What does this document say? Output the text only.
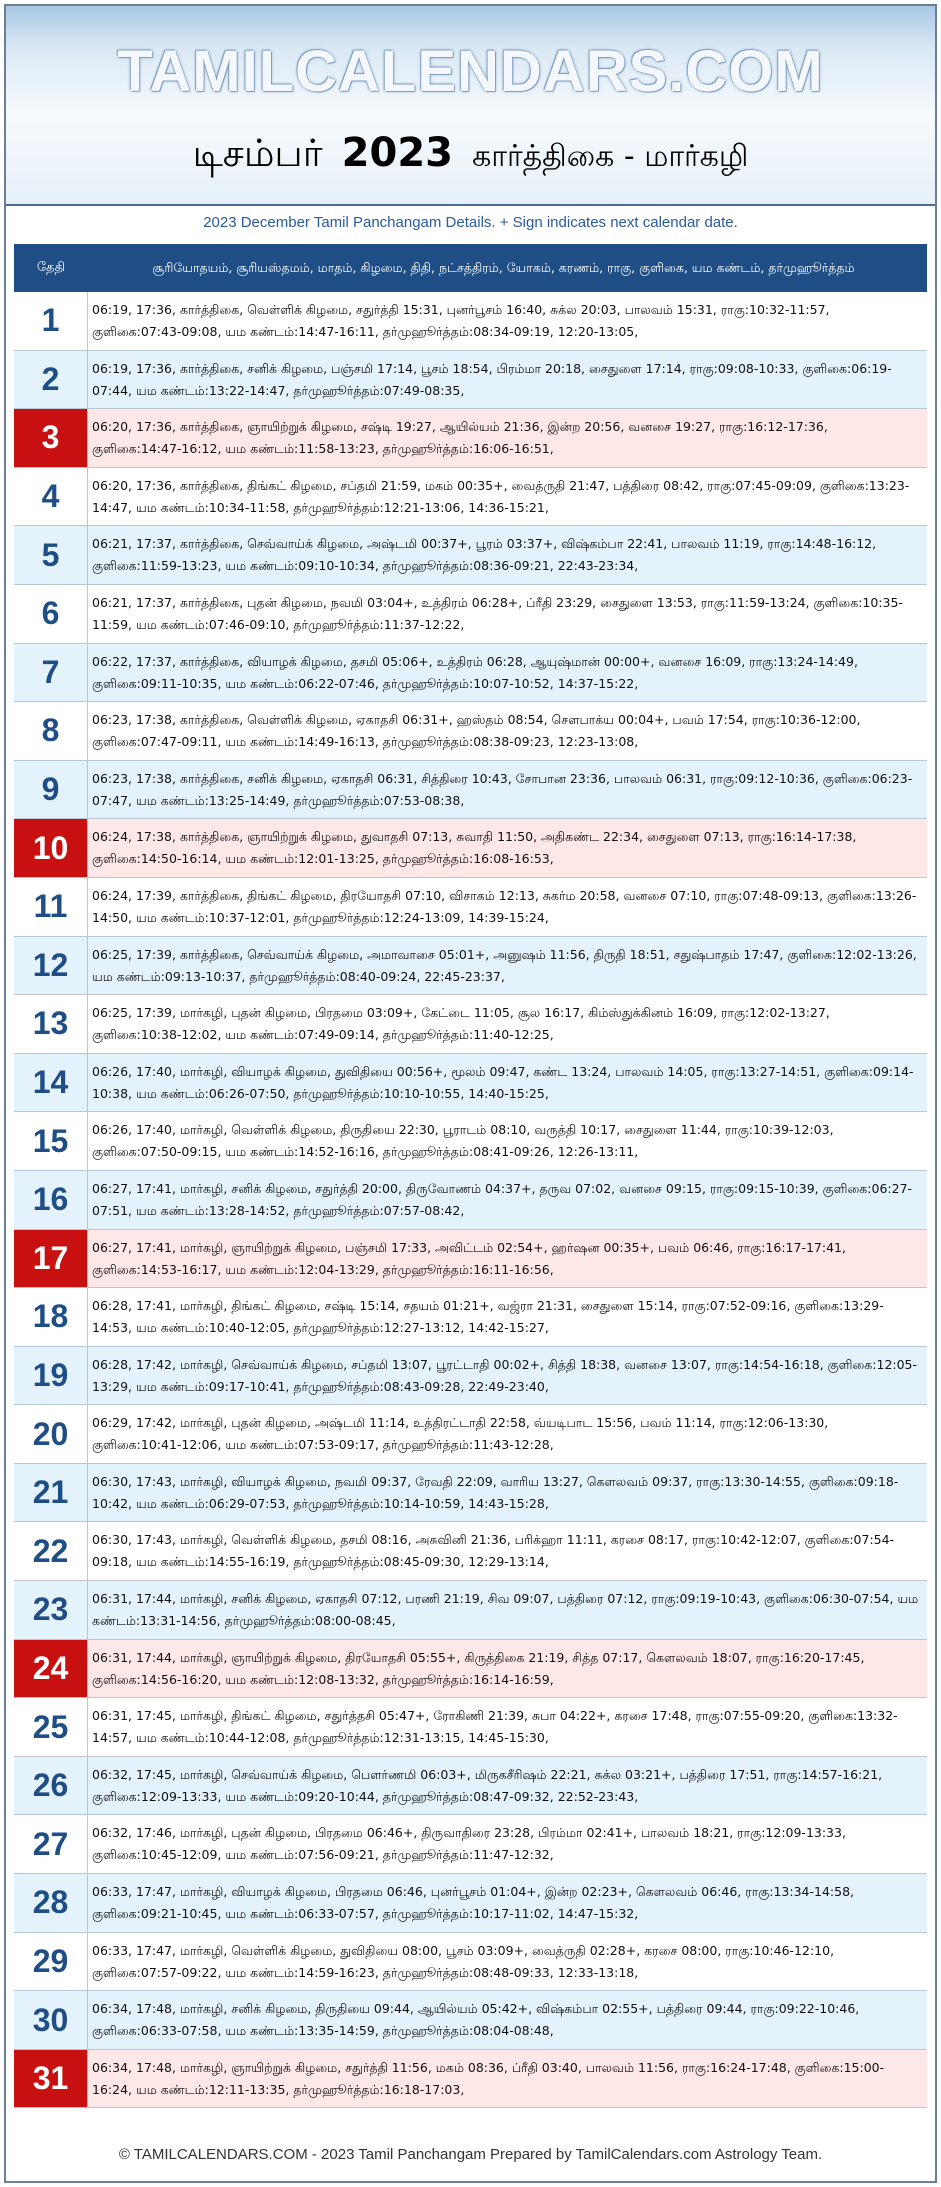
TAMILCALENDARS.COM
டிசம்பர் 2023 கார்த்திகை - மார்கழி
2023 December Tamil Panchangam Details. + Sign indicates next calendar date.
தேதி	சூரியோதயம், சூரியஸ்தமம், மாதம், கிழமை, திதி, நட்சத்திரம், யோகம், கரணம், ராகு, குளிகை, யம கண்டம், தர்முஹூர்த்தம்
1	06:19, 17:36, கார்த்திகை, வெள்ளிக் கிழமை, சதுர்த்தி 15:31, புனர்பூசம் 16:40, சுக்ல 20:03, பாலவம் 15:31, ராகு:10:32-11:57, குளிகை:07:43-09:08, யம கண்டம்:14:47-16:11, தர்முஹூர்த்தம்:08:34-09:19, 12:20-13:05,
2	06:19, 17:36, கார்த்திகை, சனிக் கிழமை, பஞ்சமி 17:14, பூசம் 18:54, பிரம்மா 20:18, சைதுளை 17:14, ராகு:09:08-10:33, குளிகை:06:19-07:44, யம கண்டம்:13:22-14:47, தர்முஹூர்த்தம்:07:49-08:35,
3	06:20, 17:36, கார்த்திகை, ஞாயிற்றுக் கிழமை, சஷ்டி 19:27, ஆயில்யம் 21:36, இன்ற 20:56, வனசை 19:27, ராகு:16:12-17:36, குளிகை:14:47-16:12, யம கண்டம்:11:58-13:23, தர்முஹூர்த்தம்:16:06-16:51,
4	06:20, 17:36, கார்த்திகை, திங்கட் கிழமை, சப்தமி 21:59, மகம் 00:35+, வைத்ருதி 21:47, பத்திரை 08:42, ராகு:07:45-09:09, குளிகை:13:23-14:47, யம கண்டம்:10:34-11:58, தர்முஹூர்த்தம்:12:21-13:06, 14:36-15:21,
5	06:21, 17:37, கார்த்திகை, செவ்வாய்க் கிழமை, அஷ்டமி 00:37+, பூரம் 03:37+, விஷ்கம்பா 22:41, பாலவம் 11:19, ராகு:14:48-16:12, குளிகை:11:59-13:23, யம கண்டம்:09:10-10:34, தர்முஹூர்த்தம்:08:36-09:21, 22:43-23:34,
6	06:21, 17:37, கார்த்திகை, புதன் கிழமை, நவமி 03:04+, உத்திரம் 06:28+, ப்ரீதி 23:29, சைதுளை 13:53, ராகு:11:59-13:24, குளிகை:10:35-11:59, யம கண்டம்:07:46-09:10, தர்முஹூர்த்தம்:11:37-12:22,
7	06:22, 17:37, கார்த்திகை, வியாழக் கிழமை, தசமி 05:06+, உத்திரம் 06:28, ஆயுஷ்மான் 00:00+, வனசை 16:09, ராகு:13:24-14:49, குளிகை:09:11-10:35, யம கண்டம்:06:22-07:46, தர்முஹூர்த்தம்:10:07-10:52, 14:37-15:22,
8	06:23, 17:38, கார்த்திகை, வெள்ளிக் கிழமை, ஏகாதசி 06:31+, ஹஸ்தம் 08:54, சௌபாக்ய 00:04+, பவம் 17:54, ராகு:10:36-12:00, குளிகை:07:47-09:11, யம கண்டம்:14:49-16:13, தர்முஹூர்த்தம்:08:38-09:23, 12:23-13:08,
9	06:23, 17:38, கார்த்திகை, சனிக் கிழமை, ஏகாதசி 06:31, சித்திரை 10:43, சோபான 23:36, பாலவம் 06:31, ராகு:09:12-10:36, குளிகை:06:23-07:47, யம கண்டம்:13:25-14:49, தர்முஹூர்த்தம்:07:53-08:38,
10	06:24, 17:38, கார்த்திகை, ஞாயிற்றுக் கிழமை, துவாதசி 07:13, சுவாதி 11:50, அதிகண்ட 22:34, சைதுளை 07:13, ராகு:16:14-17:38, குளிகை:14:50-16:14, யம கண்டம்:12:01-13:25, தர்முஹூர்த்தம்:16:08-16:53,
11	06:24, 17:39, கார்த்திகை, திங்கட் கிழமை, திரயோதசி 07:10, விசாகம் 12:13, சுகர்ம 20:58, வனசை 07:10, ராகு:07:48-09:13, குளிகை:13:26-14:50, யம கண்டம்:10:37-12:01, தர்முஹூர்த்தம்:12:24-13:09, 14:39-15:24,
12	06:25, 17:39, கார்த்திகை, செவ்வாய்க் கிழமை, அமாவாசை 05:01+, அனுஷம் 11:56, திருதி 18:51, சதுஷ்பாதம் 17:47, குளிகை:12:02-13:26, யம கண்டம்:09:13-10:37, தர்முஹூர்த்தம்:08:40-09:24, 22:45-23:37,
13	06:25, 17:39, மார்கழி, புதன் கிழமை, பிரதமை 03:09+, கேட்டை 11:05, சூல 16:17, கிம்ஸ்துக்கினம் 16:09, ராகு:12:02-13:27, குளிகை:10:38-12:02, யம கண்டம்:07:49-09:14, தர்முஹூர்த்தம்:11:40-12:25,
14	06:26, 17:40, மார்கழி, வியாழக் கிழமை, துவிதியை 00:56+, மூலம் 09:47, கண்ட 13:24, பாலவம் 14:05, ராகு:13:27-14:51, குளிகை:09:14-10:38, யம கண்டம்:06:26-07:50, தர்முஹூர்த்தம்:10:10-10:55, 14:40-15:25,
15	06:26, 17:40, மார்கழி, வெள்ளிக் கிழமை, திருதியை 22:30, பூராடம் 08:10, வருத்தி 10:17, சைதுளை 11:44, ராகு:10:39-12:03, குளிகை:07:50-09:15, யம கண்டம்:14:52-16:16, தர்முஹூர்த்தம்:08:41-09:26, 12:26-13:11,
16	06:27, 17:41, மார்கழி, சனிக் கிழமை, சதுர்த்தி 20:00, திருவோணம் 04:37+, தருவ 07:02, வனசை 09:15, ராகு:09:15-10:39, குளிகை:06:27-07:51, யம கண்டம்:13:28-14:52, தர்முஹூர்த்தம்:07:57-08:42,
17	06:27, 17:41, மார்கழி, ஞாயிற்றுக் கிழமை, பஞ்சமி 17:33, அவிட்டம் 02:54+, ஹர்ஷன 00:35+, பவம் 06:46, ராகு:16:17-17:41, குளிகை:14:53-16:17, யம கண்டம்:12:04-13:29, தர்முஹூர்த்தம்:16:11-16:56,
18	06:28, 17:41, மார்கழி, திங்கட் கிழமை, சஷ்டி 15:14, சதயம் 01:21+, வஜ்ரா 21:31, சைதுளை 15:14, ராகு:07:52-09:16, குளிகை:13:29-14:53, யம கண்டம்:10:40-12:05, தர்முஹூர்த்தம்:12:27-13:12, 14:42-15:27,
19	06:28, 17:42, மார்கழி, செவ்வாய்க் கிழமை, சப்தமி 13:07, பூரட்டாதி 00:02+, சித்தி 18:38, வனசை 13:07, ராகு:14:54-16:18, குளிகை:12:05-13:29, யம கண்டம்:09:17-10:41, தர்முஹூர்த்தம்:08:43-09:28, 22:49-23:40,
20	06:29, 17:42, மார்கழி, புதன் கிழமை, அஷ்டமி 11:14, உத்திரட்டாதி 22:58, வ்யடிபாட 15:56, பவம் 11:14, ராகு:12:06-13:30, குளிகை:10:41-12:06, யம கண்டம்:07:53-09:17, தர்முஹூர்த்தம்:11:43-12:28,
21	06:30, 17:43, மார்கழி, வியாழக் கிழமை, நவமி 09:37, ரேவதி 22:09, வாரிய 13:27, கௌலவம் 09:37, ராகு:13:30-14:55, குளிகை:09:18-10:42, யம கண்டம்:06:29-07:53, தர்முஹூர்த்தம்:10:14-10:59, 14:43-15:28,
22	06:30, 17:43, மார்கழி, வெள்ளிக் கிழமை, தசமி 08:16, அசுவினி 21:36, பரிக்ஹா 11:11, கரசை 08:17, ராகு:10:42-12:07, குளிகை:07:54-09:18, யம கண்டம்:14:55-16:19, தர்முஹூர்த்தம்:08:45-09:30, 12:29-13:14,
23	06:31, 17:44, மார்கழி, சனிக் கிழமை, ஏகாதசி 07:12, பரணி 21:19, சிவ 09:07, பத்திரை 07:12, ராகு:09:19-10:43, குளிகை:06:30-07:54, யம கண்டம்:13:31-14:56, தர்முஹூர்த்தம்:08:00-08:45,
24	06:31, 17:44, மார்கழி, ஞாயிற்றுக் கிழமை, திரயோதசி 05:55+, கிருத்திகை 21:19, சித்த 07:17, கௌலவம் 18:07, ராகு:16:20-17:45, குளிகை:14:56-16:20, யம கண்டம்:12:08-13:32, தர்முஹூர்த்தம்:16:14-16:59,
25	06:31, 17:45, மார்கழி, திங்கட் கிழமை, சதுர்த்தசி 05:47+, ரோகிணி 21:39, சுபா 04:22+, கரசை 17:48, ராகு:07:55-09:20, குளிகை:13:32-14:57, யம கண்டம்:10:44-12:08, தர்முஹூர்த்தம்:12:31-13:15, 14:45-15:30,
26	06:32, 17:45, மார்கழி, செவ்வாய்க் கிழமை, பௌர்ணமி 06:03+, மிருகசீரிஷம் 22:21, சுக்ல 03:21+, பத்திரை 17:51, ராகு:14:57-16:21, குளிகை:12:09-13:33, யம கண்டம்:09:20-10:44, தர்முஹூர்த்தம்:08:47-09:32, 22:52-23:43,
27	06:32, 17:46, மார்கழி, புதன் கிழமை, பிரதமை 06:46+, திருவாதிரை 23:28, பிரம்மா 02:41+, பாலவம் 18:21, ராகு:12:09-13:33, குளிகை:10:45-12:09, யம கண்டம்:07:56-09:21, தர்முஹூர்த்தம்:11:47-12:32,
28	06:33, 17:47, மார்கழி, வியாழக் கிழமை, பிரதமை 06:46, புனர்பூசம் 01:04+, இன்ற 02:23+, கௌலவம் 06:46, ராகு:13:34-14:58, குளிகை:09:21-10:45, யம கண்டம்:06:33-07:57, தர்முஹூர்த்தம்:10:17-11:02, 14:47-15:32,
29	06:33, 17:47, மார்கழி, வெள்ளிக் கிழமை, துவிதியை 08:00, பூசம் 03:09+, வைத்ருதி 02:28+, கரசை 08:00, ராகு:10:46-12:10, குளிகை:07:57-09:22, யம கண்டம்:14:59-16:23, தர்முஹூர்த்தம்:08:48-09:33, 12:33-13:18,
30	06:34, 17:48, மார்கழி, சனிக் கிழமை, திருதியை 09:44, ஆயில்யம் 05:42+, விஷ்கம்பா 02:55+, பத்திரை 09:44, ராகு:09:22-10:46, குளிகை:06:33-07:58, யம கண்டம்:13:35-14:59, தர்முஹூர்த்தம்:08:04-08:48,
31	06:34, 17:48, மார்கழி, ஞாயிற்றுக் கிழமை, சதுர்த்தி 11:56, மகம் 08:36, ப்ரீதி 03:40, பாலவம் 11:56, ராகு:16:24-17:48, குளிகை:15:00-16:24, யம கண்டம்:12:11-13:35, தர்முஹூர்த்தம்:16:18-17:03,
© TAMILCALENDARS.COM - 2023 Tamil Panchangam Prepared by TamilCalendars.com Astrology Team.
